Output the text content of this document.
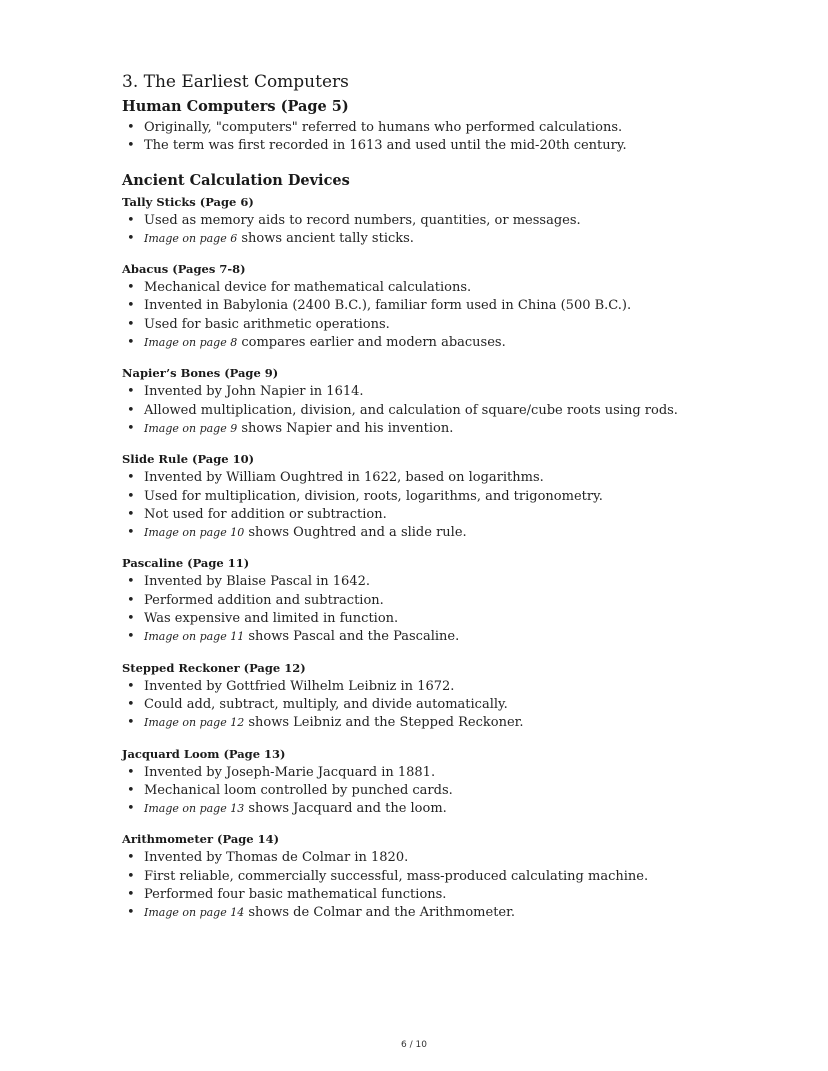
3. The Earliest Computers
Human Computers (Page 5)
• Originally, "computers" referred to humans who performed calculations.
• The term was first recorded in 1613 and used until the mid-20th century.
Ancient Calculation Devices
Tally Sticks (Page 6)
• Used as memory aids to record numbers, quantities, or messages.
• Image on page 6 shows ancient tally sticks.
Abacus (Pages 7-8)
• Mechanical device for mathematical calculations.
• Invented in Babylonia (2400 B.C.), familiar form used in China (500 B.C.).
• Used for basic arithmetic operations.
• Image on page 8 compares earlier and modern abacuses.
Napier’s Bones (Page 9)
• Invented by John Napier in 1614.
• Allowed multiplication, division, and calculation of square/cube roots using rods.
• Image on page 9 shows Napier and his invention.
Slide Rule (Page 10)
• Invented by William Oughtred in 1622, based on logarithms.
• Used for multiplication, division, roots, logarithms, and trigonometry.
• Not used for addition or subtraction.
• Image on page 10 shows Oughtred and a slide rule.
Pascaline (Page 11)
• Invented by Blaise Pascal in 1642.
• Performed addition and subtraction.
• Was expensive and limited in function.
• Image on page 11 shows Pascal and the Pascaline.
Stepped Reckoner (Page 12)
• Invented by Gottfried Wilhelm Leibniz in 1672.
• Could add, subtract, multiply, and divide automatically.
• Image on page 12 shows Leibniz and the Stepped Reckoner.
Jacquard Loom (Page 13)
• Invented by Joseph-Marie Jacquard in 1881.
• Mechanical loom controlled by punched cards.
• Image on page 13 shows Jacquard and the loom.
Arithmometer (Page 14)
• Invented by Thomas de Colmar in 1820.
• First reliable, commercially successful, mass-produced calculating machine.
• Performed four basic mathematical functions.
• Image on page 14 shows de Colmar and the Arithmometer.
6 / 10
